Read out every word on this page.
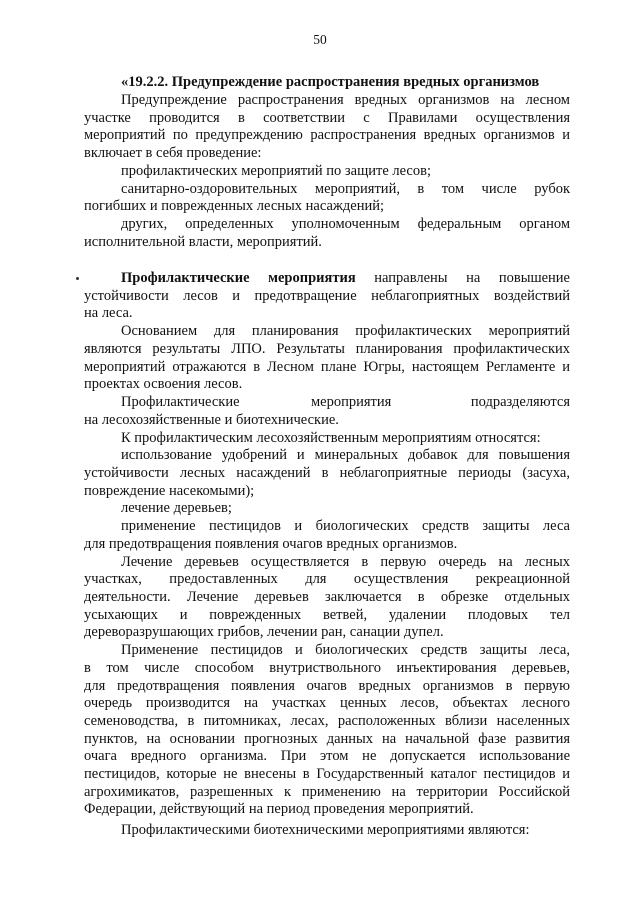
50
«19.2.2. Предупреждение распространения вредных организмов
Предупреждение распространения вредных организмов на лесном
участке проводится в соответствии с Правилами осуществления
мероприятий по предупреждению распространения вредных организмов и
включает в себя проведение:
профилактических мероприятий по защите лесов;
санитарно-оздоровительных мероприятий, в том числе рубок
погибших и поврежденных лесных насаждений;
других, определенных уполномоченным федеральным органом
исполнительной власти, мероприятий.
Профилактические мероприятия направлены на повышение
устойчивости лесов и предотвращение неблагоприятных воздействий
на леса.
Основанием для планирования профилактических мероприятий
являются результаты ЛПО. Результаты планирования профилактических
мероприятий отражаются в Лесном плане Югры, настоящем Регламенте и
проектах освоения лесов.
Профилактические	мероприятия	подразделяются
на лесохозяйственные и биотехнические.
К профилактическим лесохозяйственным мероприятиям относятся:
использование удобрений и минеральных добавок для повышения
устойчивости лесных насаждений в неблагоприятные периоды (засуха,
повреждение насекомыми);
лечение деревьев;
применение пестицидов и биологических средств защиты леса
для предотвращения появления очагов вредных организмов.
Лечение деревьев осуществляется в первую очередь на лесных
участках, предоставленных для осуществления рекреационной
деятельности. Лечение деревьев заключается в обрезке отдельных
усыхающих и поврежденных ветвей, удалении плодовых тел
дереворазрушающих грибов, лечении ран, санации дупел.
Применение пестицидов и биологических средств защиты леса,
в том числе способом внутриствольного инъектирования деревьев,
для предотвращения появления очагов вредных организмов в первую
очередь производится на участках ценных лесов, объектах лесного
семеноводства, в питомниках, лесах, расположенных вблизи населенных
пунктов, на основании прогнозных данных на начальной фазе развития
очага вредного организма. При этом не допускается использование
пестицидов, которые не внесены в Государственный каталог пестицидов и
агрохимикатов, разрешенных к применению на территории Российской
Федерации, действующий на период проведения мероприятий.
Профилактическими биотехническими мероприятиями являются:
